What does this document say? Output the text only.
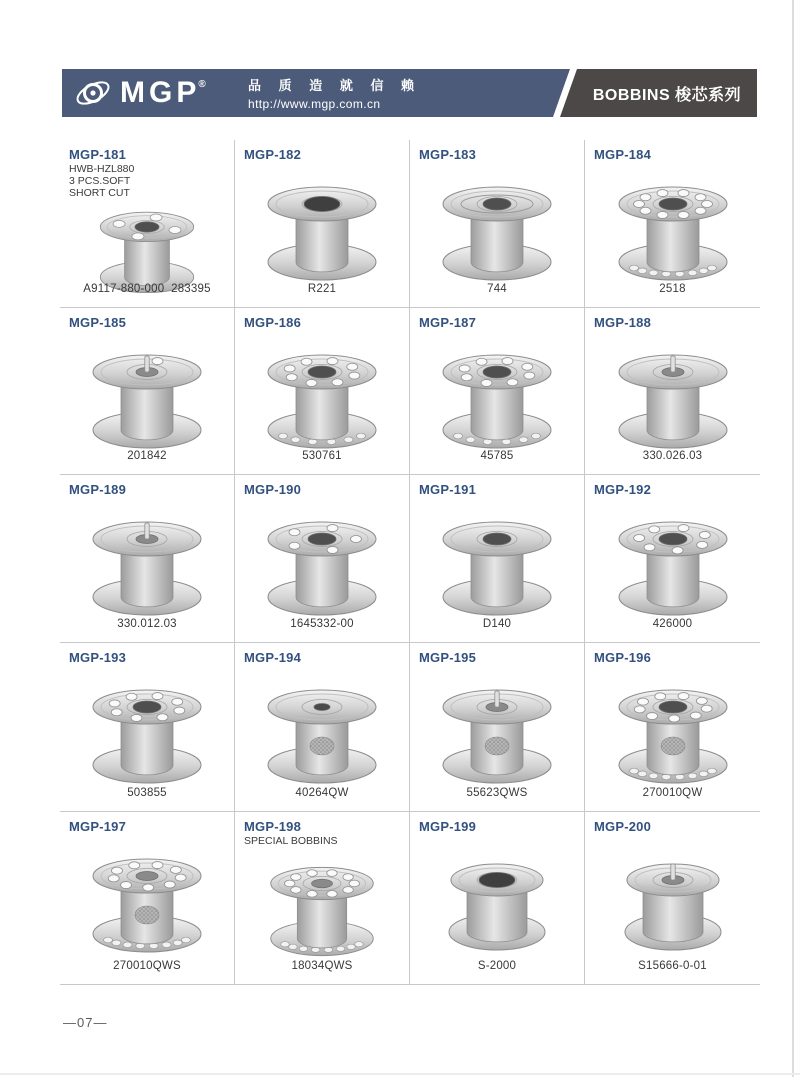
MGP
®	品 质 造 就 信 赖
http://www.mgp.com.cn
BOBBINS 梭芯系列
MGP-181
HWB-HZL880
3 PCS.SOFT
SHORT CUT
A9117-880-000  283395
MGP-182
R221
MGP-183
744
MGP-184
2518
MGP-185
201842
MGP-186
530761
MGP-187
45785
MGP-188
330.026.03
MGP-189
330.012.03
MGP-190
1645332-00
MGP-191
D140
MGP-192
426000
MGP-193
503855
MGP-194
40264QW
MGP-195
55623QWS
MGP-196
270010QW
MGP-197
270010QWS
MGP-198
SPECIAL BOBBINS
18034QWS
MGP-199
S-2000
MGP-200
S15666-0-01
—07—
